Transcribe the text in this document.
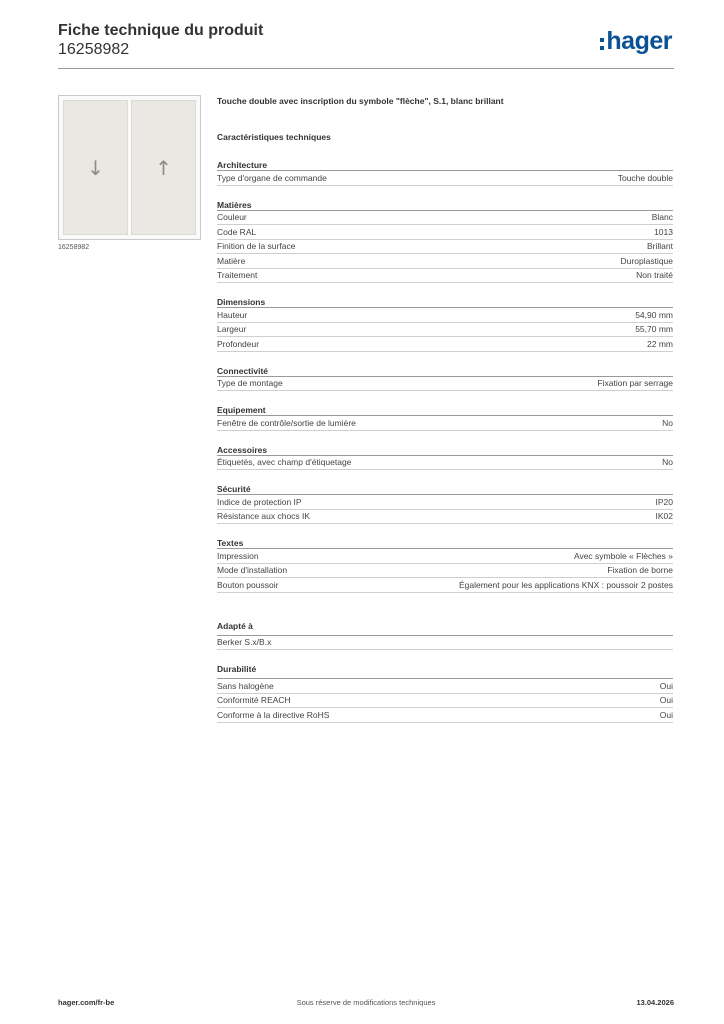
Fiche technique du produit
16258982	hager
↓	↑
16258982
Touche double avec inscription du symbole "flèche", S.1, blanc brillant
Caractéristiques techniques
Architecture
Type d'organe de commande	Touche double
Matières
Couleur	Blanc
Code RAL	1013
Finition de la surface	Brillant
Matière	Duroplastique
Traitement	Non traité
Dimensions
Hauteur	54,90 mm
Largeur	55,70 mm
Profondeur	22 mm
Connectivité
Type de montage	Fixation par serrage
Equipement
Fenêtre de contrôle/sortie de lumière	No
Accessoires
Étiquetés, avec champ d'étiquetage	No
Sécurité
Indice de protection IP	IP20
Résistance aux chocs IK	IK02
Textes
Impression	Avec symbole « Flèches »
Mode d'installation	Fixation de borne
Bouton poussoir	Également pour les applications KNX : poussoir 2 postes
Adapté à
Berker S.x/B.x
Durabilité
Sans halogène	Oui
Conformité REACH	Oui
Conforme à la directive RoHS	Oui
hager.com/fr-be	Sous réserve de modifications techniques	13.04.2026
